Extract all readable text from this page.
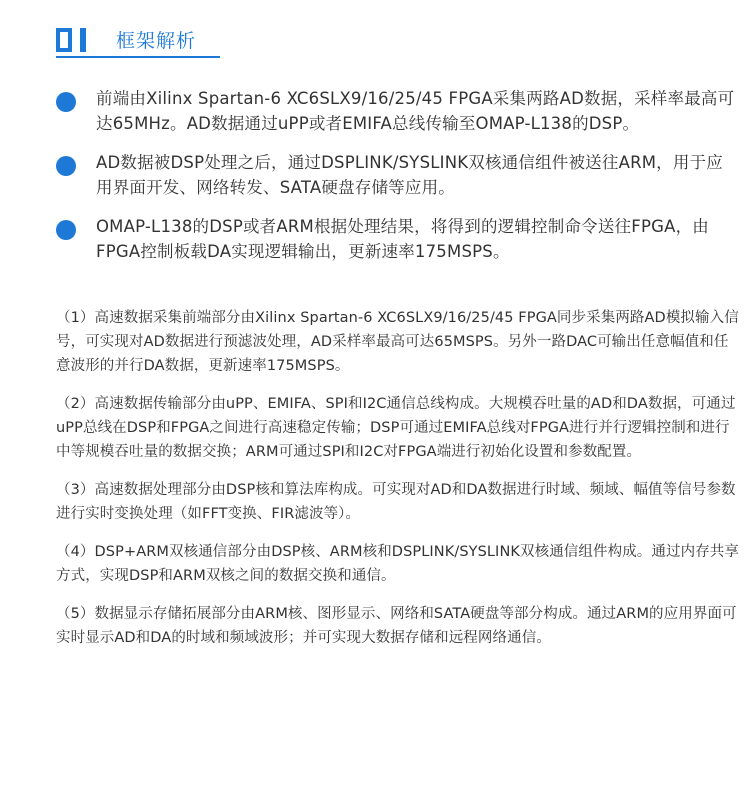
框架解析
前端由Xilinx Spartan-6 XC6SLX9/16/25/45 FPGA采集两路AD数据，采样率最高可达65MHz。AD数据通过uPP或者EMIFA总线传输至OMAP-L138的DSP。
AD数据被DSP处理之后，通过DSPLINK/SYSLINK双核通信组件被送往ARM，用于应用界面开发、网络转发、SATA硬盘存储等应用。
OMAP-L138的DSP或者ARM根据处理结果，将得到的逻辑控制命令送往FPGA，由FPGA控制板载DA实现逻辑输出，更新速率175MSPS。

（1）高速数据采集前端部分由Xilinx Spartan-6 XC6SLX9/16/25/45 FPGA同步采集两路AD模拟输入信号，可实现对AD数据进行预滤波处理，AD采样率最高可达65MSPS。另外一路DAC可输出任意幅值和任意波形的并行DA数据，更新速率175MSPS。

（2）高速数据传输部分由uPP、EMIFA、SPI和I2C通信总线构成。大规模吞吐量的AD和DA数据，可通过uPP总线在DSP和FPGA之间进行高速稳定传输；DSP可通过EMIFA总线对FPGA进行并行逻辑控制和进行中等规模吞吐量的数据交换；ARM可通过SPI和I2C对FPGA端进行初始化设置和参数配置。

（3）高速数据处理部分由DSP核和算法库构成。可实现对AD和DA数据进行时域、频域、幅值等信号参数进行实时变换处理（如FFT变换、FIR滤波等）。

（4）DSP+ARM双核通信部分由DSP核、ARM核和DSPLINK/SYSLINK双核通信组件构成。通过内存共享方式，实现DSP和ARM双核之间的数据交换和通信。

（5）数据显示存储拓展部分由ARM核、图形显示、网络和SATA硬盘等部分构成。通过ARM的应用界面可实时显示AD和DA的时域和频域波形；并可实现大数据存储和远程网络通信。
